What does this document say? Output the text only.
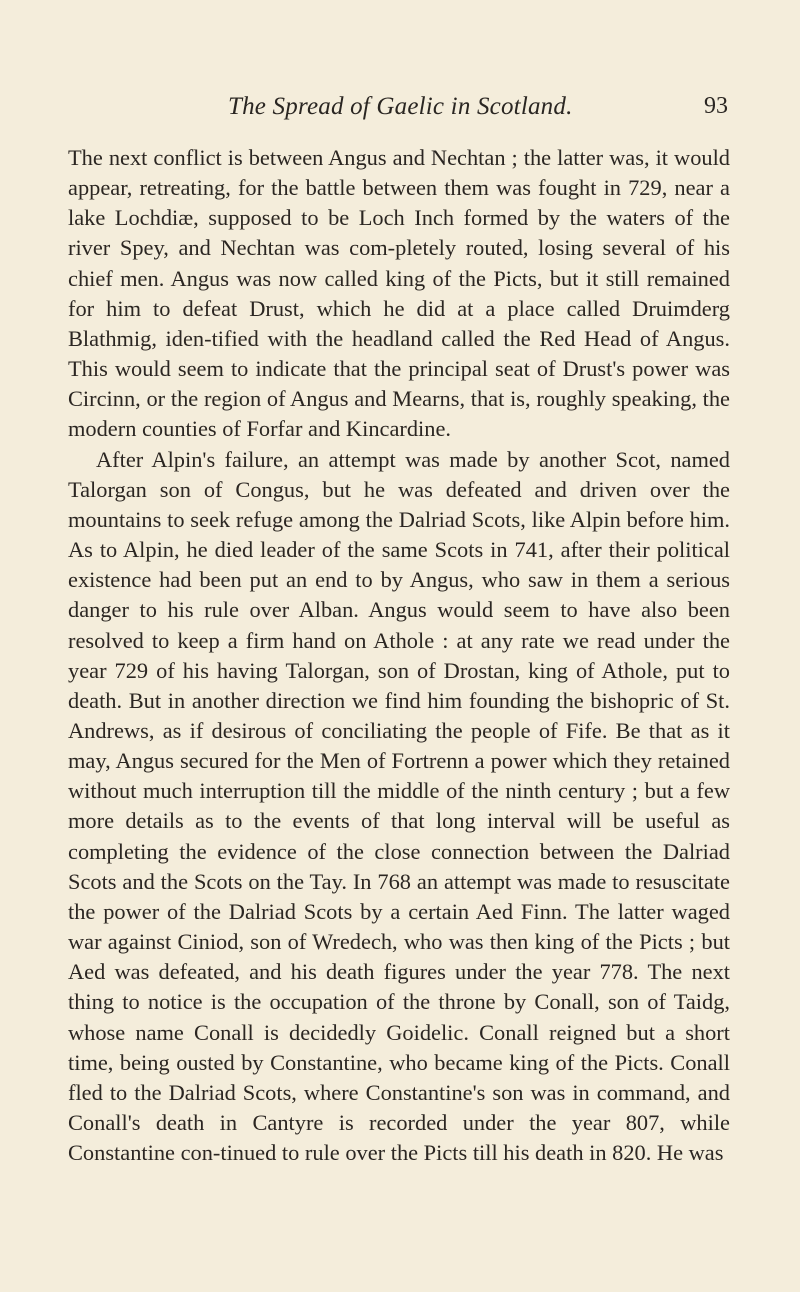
The Spread of Gaelic in Scotland.	93

The next conflict is between Angus and Nechtan ; the latter was, it would appear, retreating, for the battle between them was fought in 729, near a lake Lochdiæ, supposed to be Loch Inch formed by the waters of the river Spey, and Nechtan was com-pletely routed, losing several of his chief men. Angus was now called king of the Picts, but it still remained for him to defeat Drust, which he did at a place called Druimderg Blathmig, iden-tified with the headland called the Red Head of Angus. This would seem to indicate that the principal seat of Drust's power was Circinn, or the region of Angus and Mearns, that is, roughly speaking, the modern counties of Forfar and Kincardine.

After Alpin's failure, an attempt was made by another Scot, named Talorgan son of Congus, but he was defeated and driven over the mountains to seek refuge among the Dalriad Scots, like Alpin before him. As to Alpin, he died leader of the same Scots in 741, after their political existence had been put an end to by Angus, who saw in them a serious danger to his rule over Alban. Angus would seem to have also been resolved to keep a firm hand on Athole : at any rate we read under the year 729 of his having Talorgan, son of Drostan, king of Athole, put to death. But in another direction we find him founding the bishopric of St. Andrews, as if desirous of conciliating the people of Fife. Be that as it may, Angus secured for the Men of Fortrenn a power which they retained without much interruption till the middle of the ninth century ; but a few more details as to the events of that long interval will be useful as completing the evidence of the close connection between the Dalriad Scots and the Scots on the Tay. In 768 an attempt was made to resuscitate the power of the Dalriad Scots by a certain Aed Finn. The latter waged war against Ciniod, son of Wredech, who was then king of the Picts ; but Aed was defeated, and his death figures under the year 778. The next thing to notice is the occupation of the throne by Conall, son of Taidg, whose name Conall is decidedly Goidelic. Conall reigned but a short time, being ousted by Constantine, who became king of the Picts. Conall fled to the Dalriad Scots, where Constantine's son was in command, and Conall's death in Cantyre is recorded under the year 807, while Constantine con-tinued to rule over the Picts till his death in 820. He was
